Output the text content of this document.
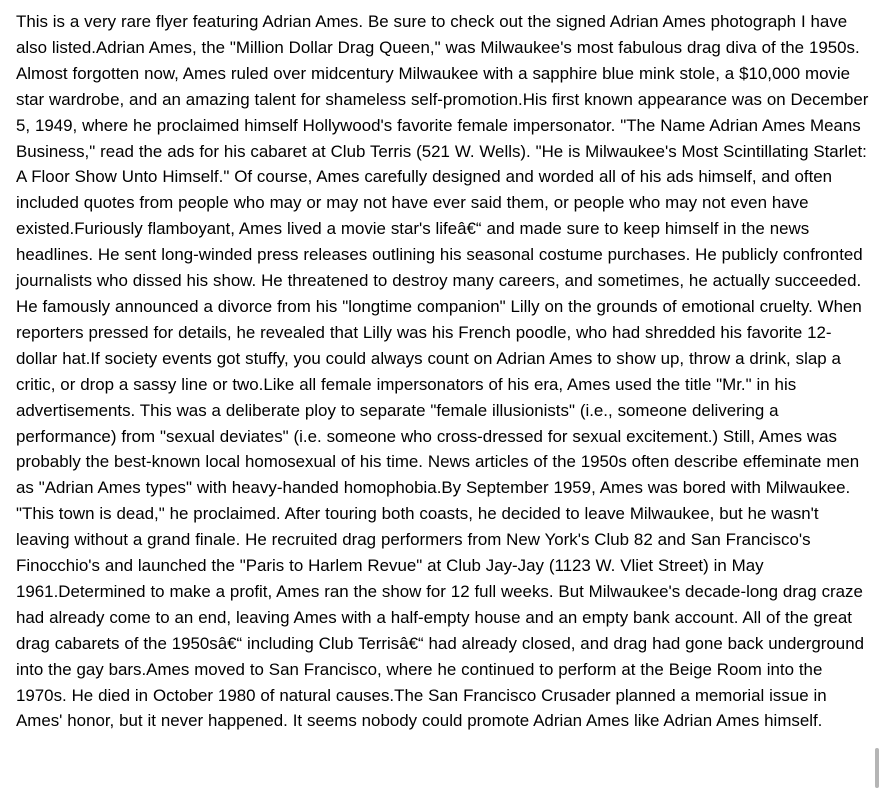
This is a very rare flyer featuring Adrian Ames. Be sure to check out the signed Adrian Ames photograph I have also listed.Adrian Ames, the "Million Dollar Drag Queen," was Milwaukee's most fabulous drag diva of the 1950s. Almost forgotten now, Ames ruled over midcentury Milwaukee with a sapphire blue mink stole, a $10,000 movie star wardrobe, and an amazing talent for shameless self-promotion.His first known appearance was on December 5, 1949, where he proclaimed himself Hollywood's favorite female impersonator. "The Name Adrian Ames Means Business," read the ads for his cabaret at Club Terris (521 W. Wells). "He is Milwaukee's Most Scintillating Starlet: A Floor Show Unto Himself." Of course, Ames carefully designed and worded all of his ads himself, and often included quotes from people who may or may not have ever said them, or people who may not even have existed.Furiously flamboyant, Ames lived a movie star's lifeâ€“ and made sure to keep himself in the news headlines. He sent long-winded press releases outlining his seasonal costume purchases. He publicly confronted journalists who dissed his show. He threatened to destroy many careers, and sometimes, he actually succeeded. He famously announced a divorce from his "longtime companion" Lilly on the grounds of emotional cruelty. When reporters pressed for details, he revealed that Lilly was his French poodle, who had shredded his favorite 12-dollar hat.If society events got stuffy, you could always count on Adrian Ames to show up, throw a drink, slap a critic, or drop a sassy line or two.Like all female impersonators of his era, Ames used the title "Mr." in his advertisements. This was a deliberate ploy to separate "female illusionists" (i.e., someone delivering a performance) from "sexual deviates" (i.e. someone who cross-dressed for sexual excitement.) Still, Ames was probably the best-known local homosexual of his time. News articles of the 1950s often describe effeminate men as "Adrian Ames types" with heavy-handed homophobia.By September 1959, Ames was bored with Milwaukee. "This town is dead," he proclaimed. After touring both coasts, he decided to leave Milwaukee, but he wasn't leaving without a grand finale. He recruited drag performers from New York's Club 82 and San Francisco's Finocchio's and launched the "Paris to Harlem Revue" at Club Jay-Jay (1123 W. Vliet Street) in May 1961.Determined to make a profit, Ames ran the show for 12 full weeks. But Milwaukee's decade-long drag craze had already come to an end, leaving Ames with a half-empty house and an empty bank account. All of the great drag cabarets of the 1950sâ€“ including Club Terrisâ€“ had already closed, and drag had gone back underground into the gay bars.Ames moved to San Francisco, where he continued to perform at the Beige Room into the 1970s. He died in October 1980 of natural causes.The San Francisco Crusader planned a memorial issue in Ames' honor, but it never happened. It seems nobody could promote Adrian Ames like Adrian Ames himself.
